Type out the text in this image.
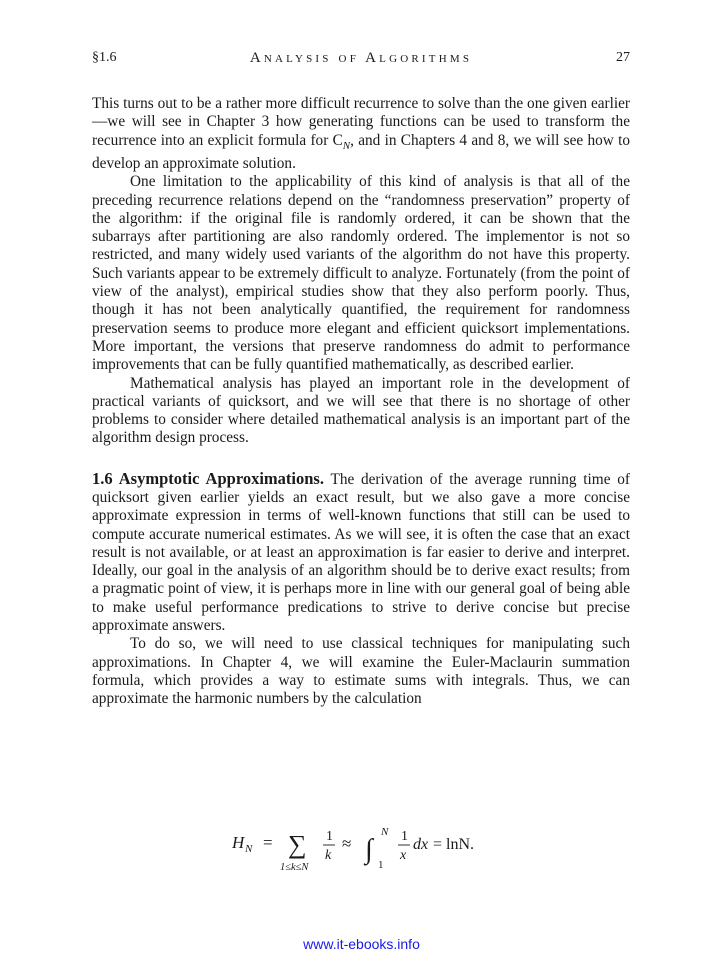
§1.6	Analysis of Algorithms	27

This turns out to be a rather more difficult recurrence to solve than the one given earlier—we will see in Chapter 3 how generating functions can be used to transform the recurrence into an explicit formula for $C_N$, and in Chapters 4 and 8, we will see how to develop an approximate solution.

One limitation to the applicability of this kind of analysis is that all of the preceding recurrence relations depend on the “randomness preservation” property of the algorithm: if the original file is randomly ordered, it can be shown that the subarrays after partitioning are also randomly ordered. The implementor is not so restricted, and many widely used variants of the algorithm do not have this property. Such variants appear to be extremely difficult to analyze. Fortunately (from the point of view of the analyst), empirical studies show that they also perform poorly. Thus, though it has not been analytically quantified, the requirement for randomness preservation seems to produce more elegant and efficient quicksort implementations. More important, the versions that preserve randomness do admit to performance improvements that can be fully quantified mathematically, as described earlier.

Mathematical analysis has played an important role in the development of practical variants of quicksort, and we will see that there is no shortage of other problems to consider where detailed mathematical analysis is an important part of the algorithm design process.

1.6 Asymptotic Approximations. The derivation of the average running time of quicksort given earlier yields an exact result, but we also gave a more concise approximate expression in terms of well-known functions that still can be used to compute accurate numerical estimates. As we will see, it is often the case that an exact result is not available, or at least an approximation is far easier to derive and interpret. Ideally, our goal in the analysis of an algorithm should be to derive exact results; from a pragmatic point of view, it is perhaps more in line with our general goal of being able to make useful performance predications to strive to derive concise but precise approximate answers.

To do so, we will need to use classical techniques for manipulating such approximations. In Chapter 4, we will examine the Euler-Maclaurin summation formula, which provides a way to estimate sums with integrals. Thus, we can approximate the harmonic numbers by the calculation

H N = ∑
1≤k≤N
1
k
≈ ∫
N
1
1
x
dx = lnN.
www.it-ebooks.info
